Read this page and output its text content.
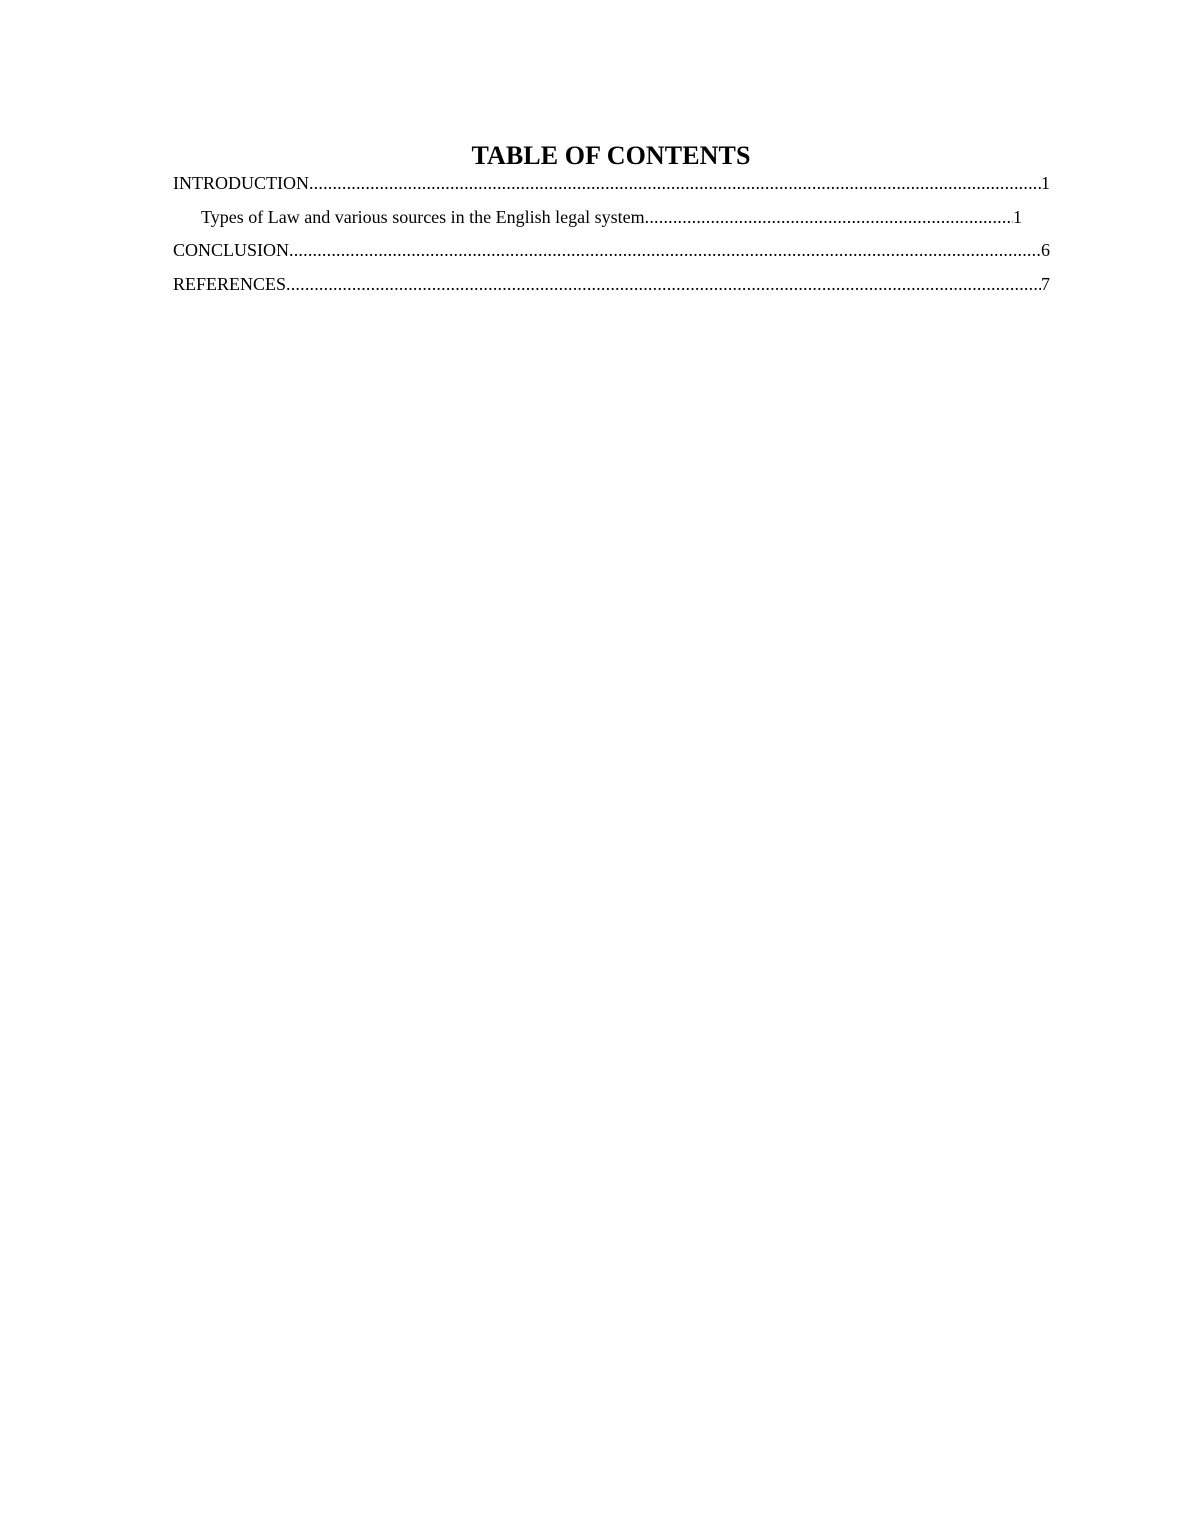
TABLE OF CONTENTS
INTRODUCTION .....	1
Types of Law and various sources in the English legal system .....	1
CONCLUSION .....	6
REFERENCES .....	7
